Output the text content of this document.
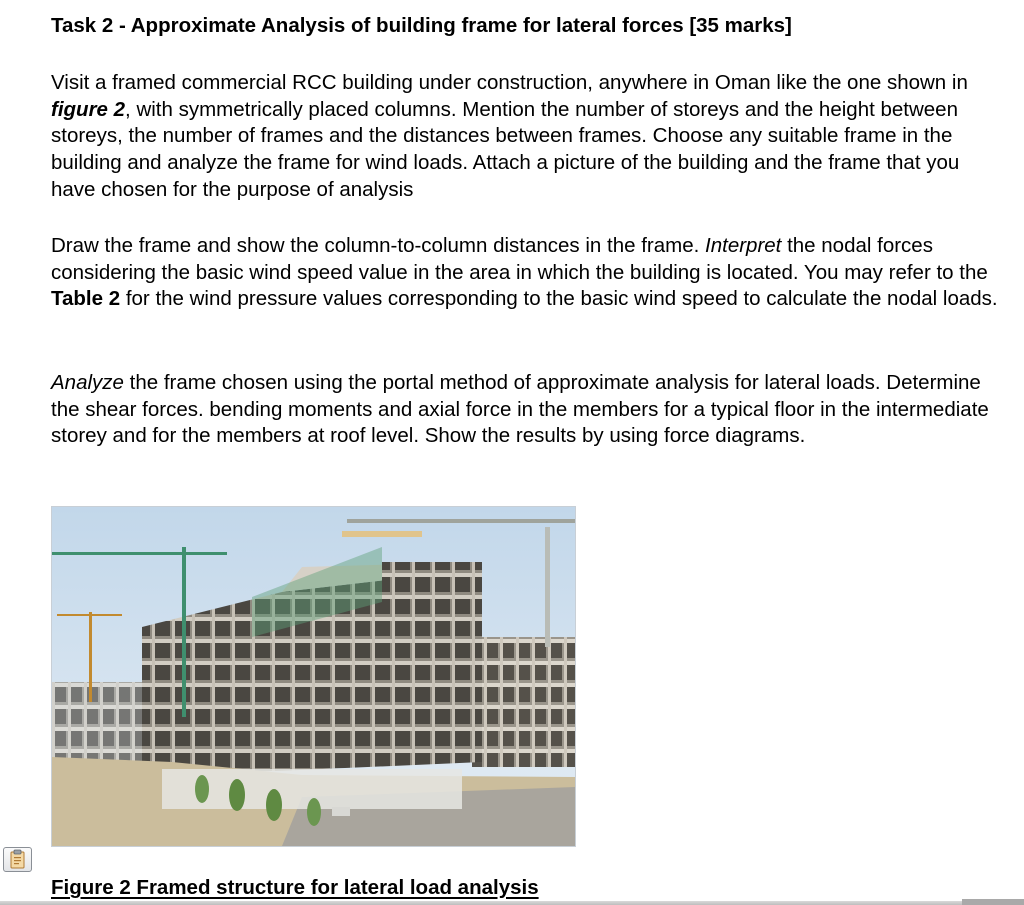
Task 2 - Approximate Analysis of building frame for lateral forces [35 marks]

Visit a framed commercial RCC building under construction, anywhere in Oman like the one shown in figure 2, with symmetrically placed columns. Mention the number of storeys and the height between storeys, the number of frames and the distances between frames. Choose any suitable frame in the building and analyze the frame for wind loads. Attach a picture of the building and the frame that you have chosen for the purpose of analysis

Draw the frame and show the column-to-column distances in the frame. Interpret the nodal forces considering the basic wind speed value in the area in which the building is located. You may refer to the Table 2 for the wind pressure values corresponding to the basic wind speed to calculate the nodal loads.

Analyze the frame chosen using the portal method of approximate analysis for lateral loads. Determine the shear forces. bending moments and axial force in the members for a typical floor in the intermediate storey and for the members at roof level. Show the results by using force diagrams.

Figure 2 Framed structure for lateral load analysis
